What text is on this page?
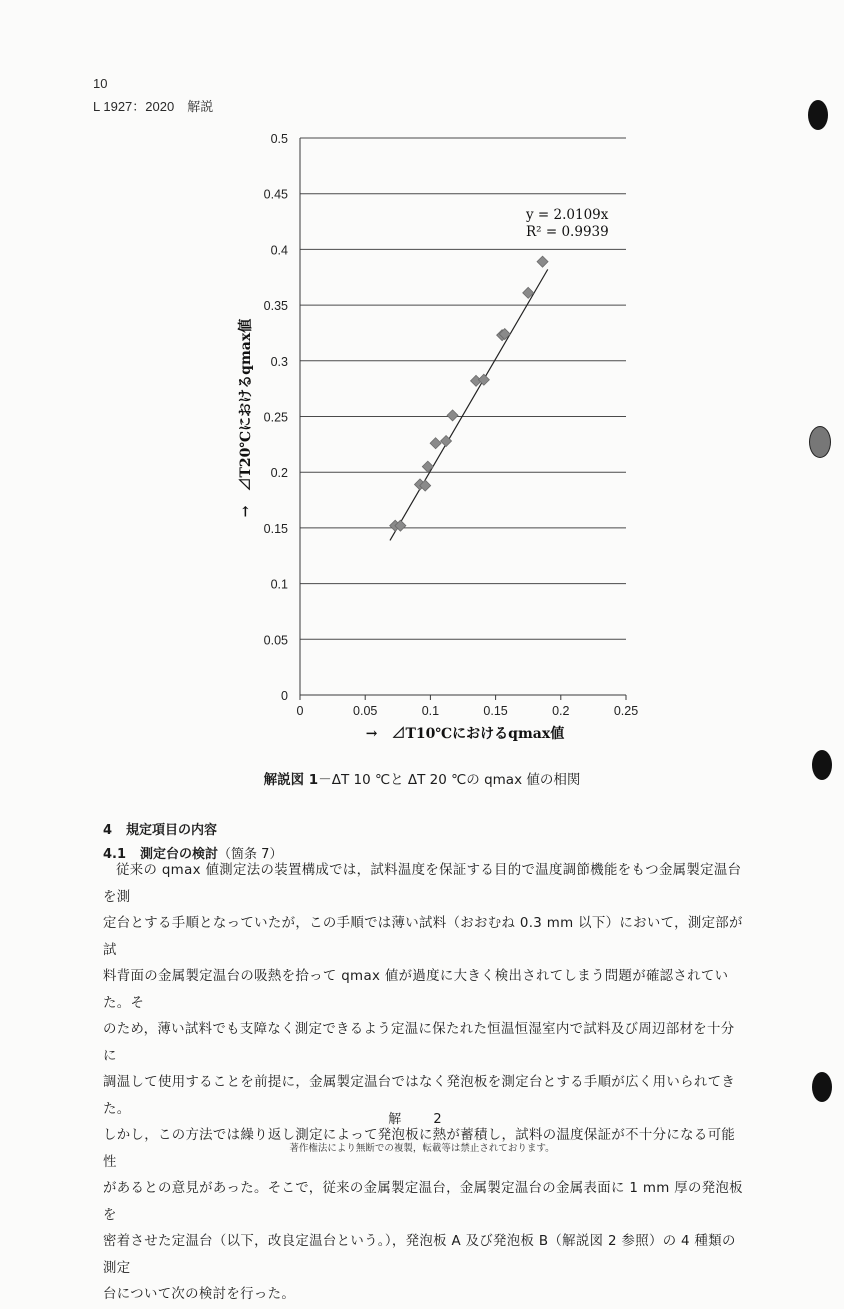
10
L 1927：2020　解説
0
0.05
0.1
0.15
0.2
0.25
0.3
0.35
0.4
0.45
0.5
0	0.05	0.1	0.15	0.2	0.25
y = 2.0109x
R² = 0.9939
→　⊿T10℃におけるqmax値
→　⊿T20℃におけるqmax値
解説図 1－ΔT 10 ℃と ΔT 20 ℃の qmax 値の相関
4 規定項目の内容
4.1 測定台の検討（箇条 7）

従来の qmax 値測定法の装置構成では，試料温度を保証する目的で温度調節機能をもつ金属製定温台を測

定台とする手順となっていたが，この手順では薄い試料（おおむね 0.3 mm 以下）において，測定部が試

料背面の金属製定温台の吸熱を拾って qmax 値が過度に大きく検出されてしまう問題が確認されていた。そ

のため，薄い試料でも支障なく測定できるよう定温に保たれた恒温恒湿室内で試料及び周辺部材を十分に

調温して使用することを前提に，金属製定温台ではなく発泡板を測定台とする手順が広く用いられてきた。

しかし，この方法では繰り返し測定によって発泡板に熱が蓄積し，試料の温度保証が不十分になる可能性

があるとの意見があった。そこで，従来の金属製定温台，金属製定温台の金属表面に 1 mm 厚の発泡板を

密着させた定温台（以下，改良定温台という。），発泡板 A 及び発泡板 B（解説図 2 参照）の 4 種類の測定

台について次の検討を行った。

解 2
著作権法により無断での複製，転載等は禁止されております。
